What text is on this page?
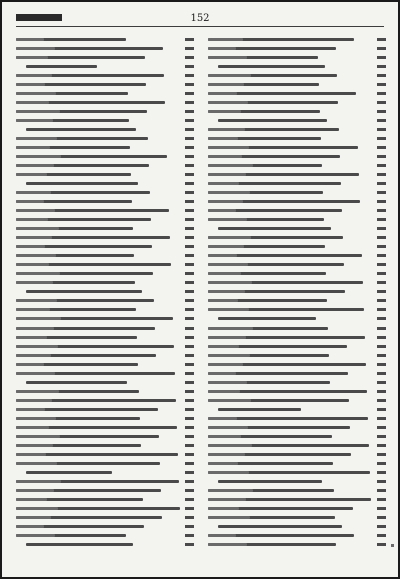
152
